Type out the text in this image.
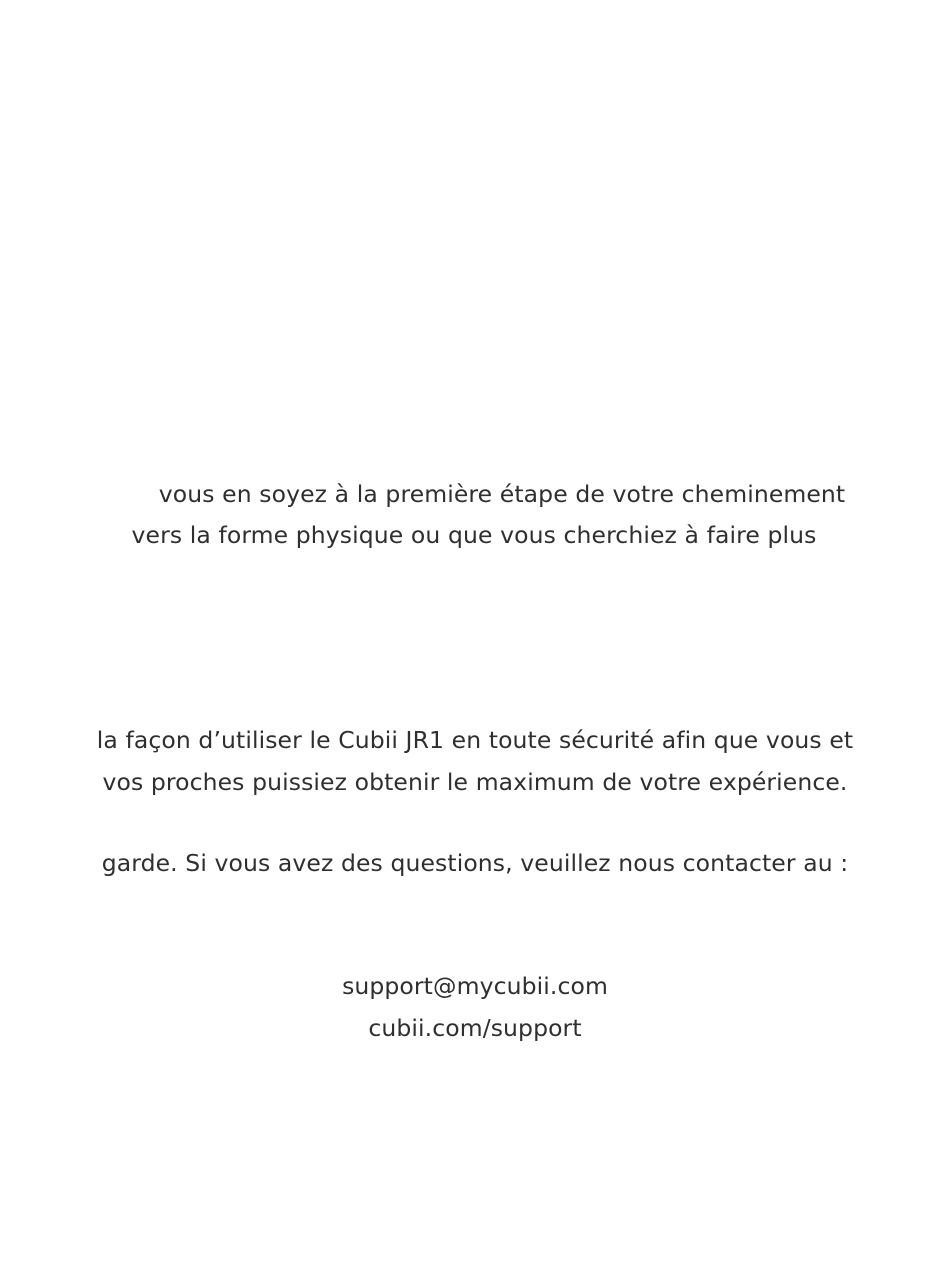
vous en soyez à la première étape de votre cheminement
vers la forme physique ou que vous cherchiez à faire plus
la façon d’utiliser le Cubii JR1 en toute sécurité afin que vous et
vos proches puissiez obtenir le maximum de votre expérience.
garde. Si vous avez des questions, veuillez nous contacter au :
support@mycubii.com
cubii.com/support
